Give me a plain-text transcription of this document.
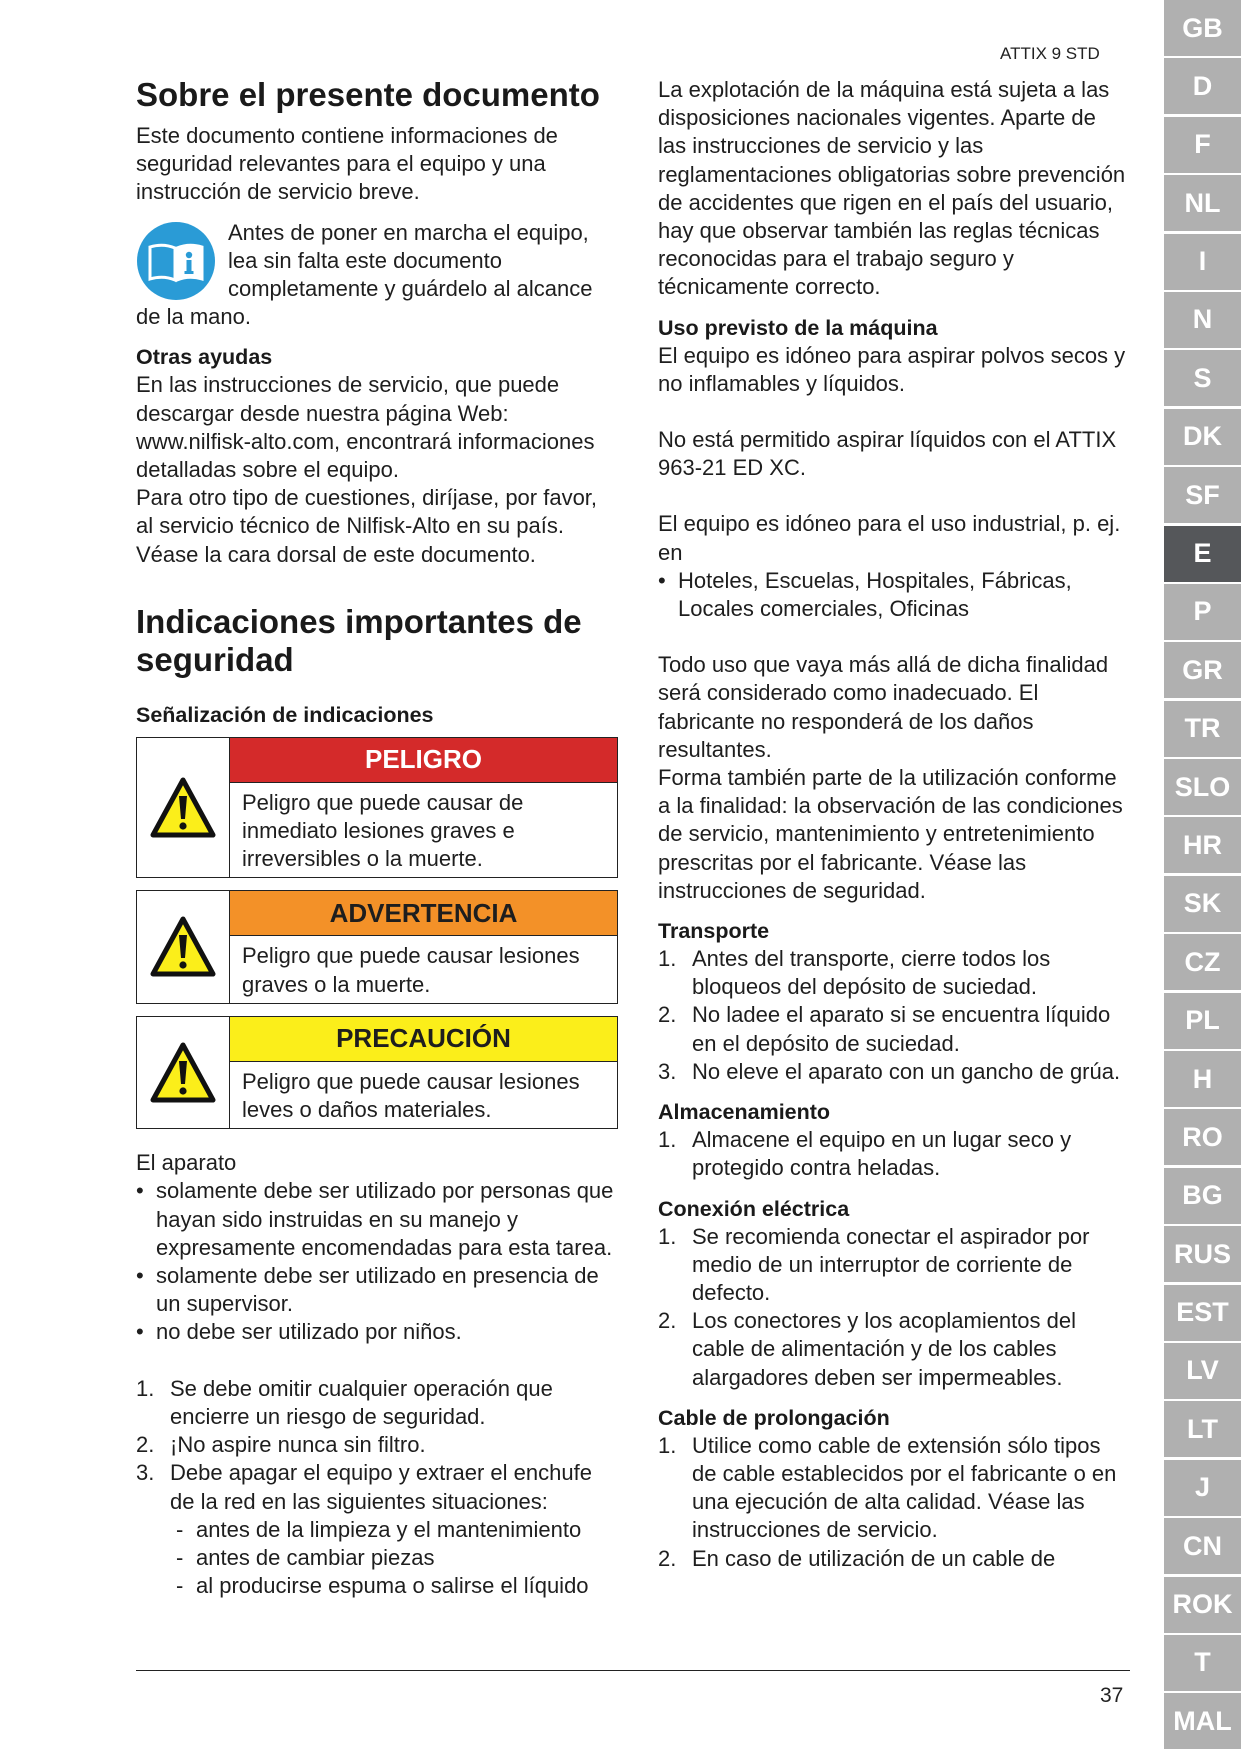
ATTIX 9 STD
Sobre el presente documento

Este documento contiene informaciones de seguridad relevantes para el equipo y una instrucción de servicio breve.

Antes de poner en marcha el equipo, lea sin falta este documento completamente y guárdelo al alcance de la mano.

Otras ayudas

En las instrucciones de servicio, que puede descargar desde nuestra página Web: www.nilfisk-alto.com, encontrará informaciones detalladas sobre el equipo.

Para otro tipo de cuestiones, diríjase, por favor, al servicio técnico de Nilfisk-Alto en su país. Véase la cara dorsal de este documento.

Indicaciones importantes de seguridad
Señalización de indicaciones
PELIGRO
Peligro que puede causar de inmediato lesiones graves e irreversibles o la muerte.
ADVERTENCIA
Peligro que puede causar lesiones graves o la muerte.
PRECAUCIÓN
Peligro que puede causar lesiones leves o daños materiales.

El aparato

• solamente debe ser utilizado por personas que hayan sido instruidas en su manejo y expresamente encomendadas para esta tarea.
• solamente debe ser utilizado en presencia de un supervisor.
• no debe ser utilizado por niños.
1. Se debe omitir cualquier operación que encierre un riesgo de seguridad.
2. ¡No aspire nunca sin filtro.
3. Debe apagar el equipo y extraer el enchufe de la red en las siguientes situaciones:
- antes de la limpieza y el mantenimiento
- antes de cambiar piezas
- al producirse espuma o salirse el líquido

La explotación de la máquina está sujeta a las disposiciones nacionales vigentes. Aparte de las instrucciones de servicio y las reglamentaciones obligatorias sobre prevención de accidentes que rigen en el país del usuario, hay que observar también las reglas técnicas reconocidas para el trabajo seguro y técnicamente correcto.

Uso previsto de la máquina

El equipo es idóneo para aspirar polvos secos y no inflamables y líquidos.

No está permitido aspirar líquidos con el ATTIX 963-21 ED XC.

El equipo es idóneo para el uso industrial, p. ej. en

• Hoteles, Escuelas, Hospitales, Fábricas, Locales comerciales, Oficinas

Todo uso que vaya más allá de dicha finalidad será considerado como inadecuado. El fabricante no responderá de los daños resultantes.

Forma también parte de la utilización conforme a la finalidad: la observación de las condiciones de servicio, mantenimiento y entretenimiento prescritas por el fabricante. Véase las instrucciones de seguridad.

Transporte
1. Antes del transporte, cierre todos los bloqueos del depósito de suciedad.
2. No ladee el aparato si se encuentra líquido en el depósito de suciedad.
3. No eleve el aparato con un gancho de grúa.
Almacenamiento
1. Almacene el equipo en un lugar seco y protegido contra heladas.
Conexión eléctrica
1. Se recomienda conectar el aspirador por medio de un interruptor de corriente de defecto.
2. Los conectores y los acoplamientos del cable de alimentación y de los cables alargadores deben ser impermeables.
Cable de prolongación
1. Utilice como cable de extensión sólo tipos de cable establecidos por el fabricante o en una ejecución de alta calidad. Véase las instrucciones de servicio.
2. En caso de utilización de un cable de
GB
D
F
NL
I
N
S
DK
SF
E
P
GR
TR
SLO
HR
SK
CZ
PL
H
RO
BG
RUS
EST
LV
LT
J
CN
ROK
T
MAL
37
